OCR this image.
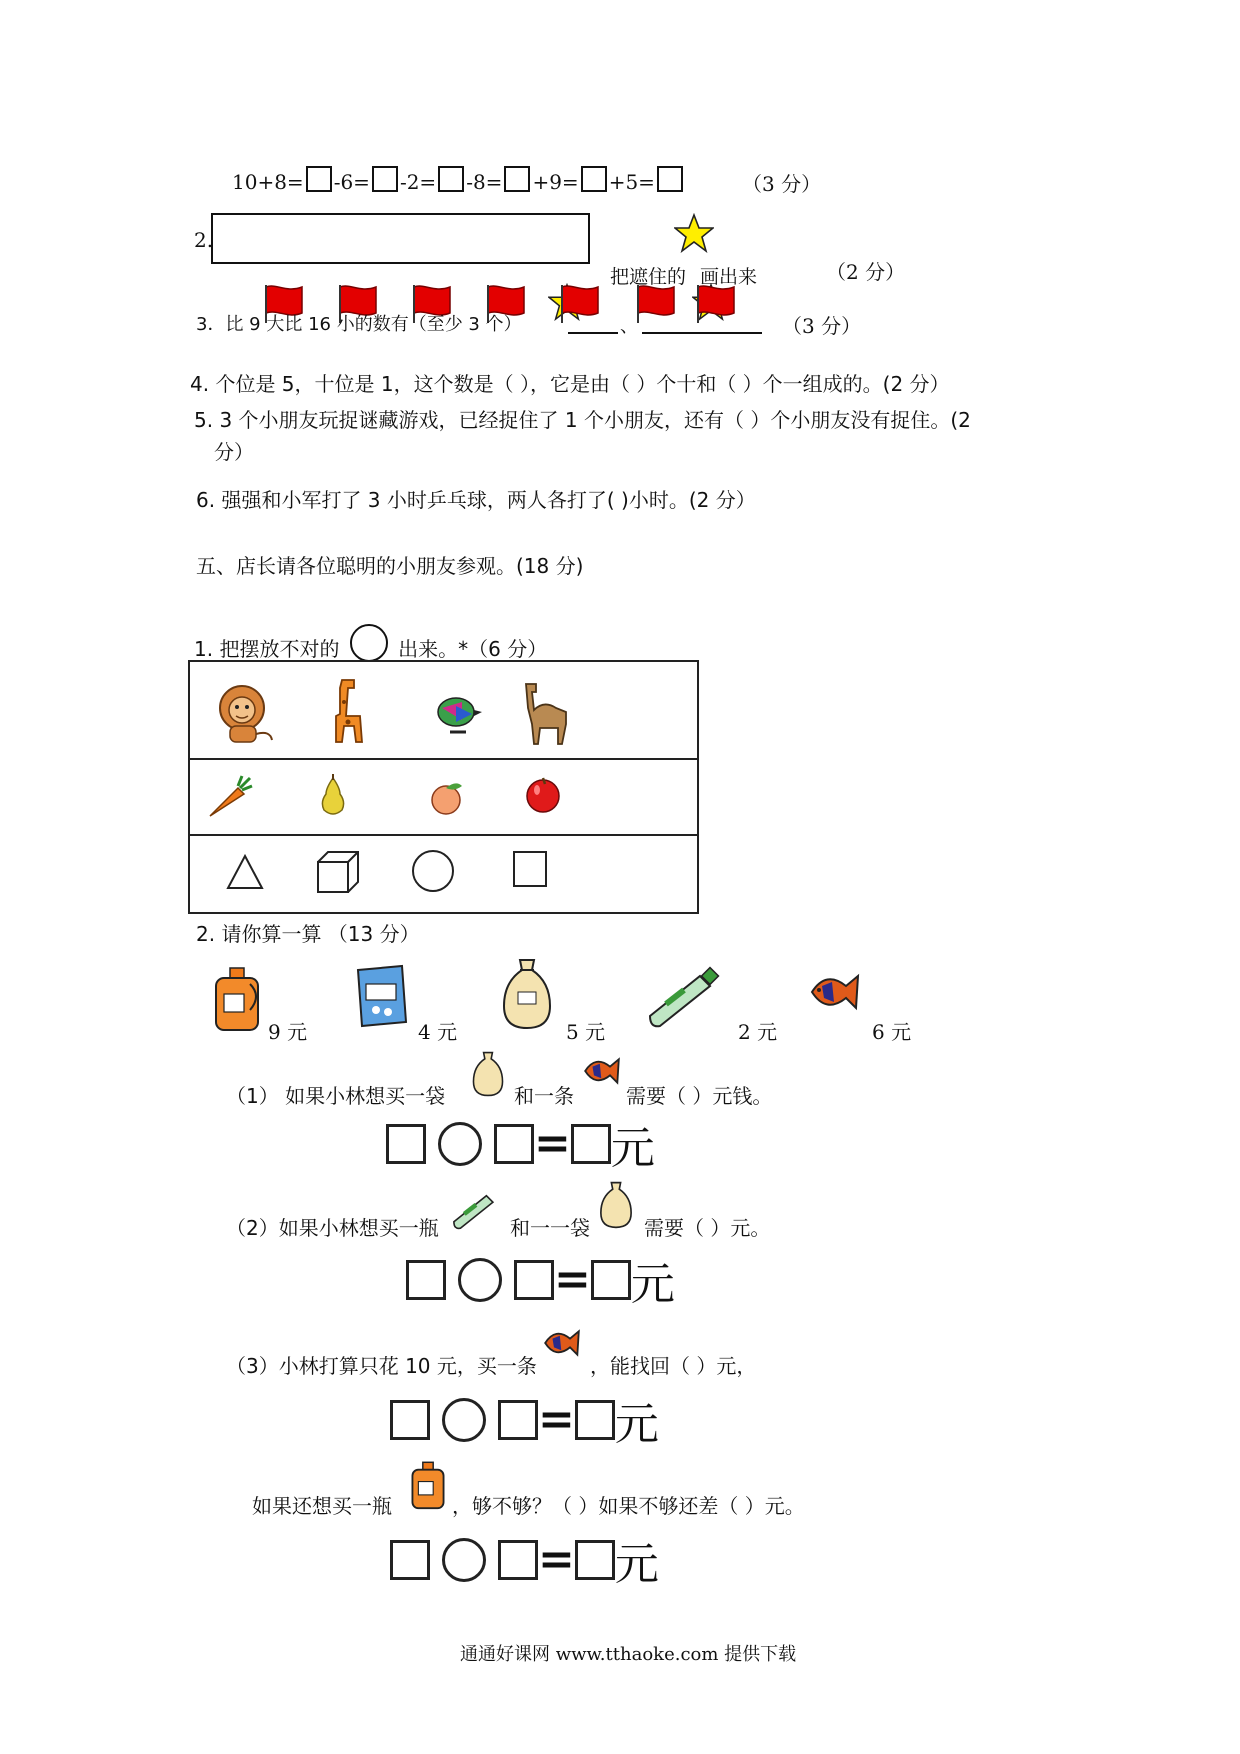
10+8= -6= -2= -8= +9= +5=	（3 分）
2.
把遮住的 画出来	（2 分）
3．比 9 大比 16 小的数有（至少 3 个）	、	（3 分）
4. 个位是 5，十位是 1，这个数是（ ），它是由（ ）个十和（ ）个一组成的。(2 分）
5. 3 个小朋友玩捉谜藏游戏，已经捉住了 1 个小朋友，还有（ ）个小朋友没有捉住。(2
分）
6. 强强和小军打了 3 小时乒乓球，两人各打了( )小时。(2 分）
五、店长请各位聪明的小朋友参观。(18 分)
1. 把摆放不对的 ○ 出来。*（6 分）
2. 请你算一算 （13 分）
9 元	4 元	5 元	2 元	6 元
（1） 如果小林想买一袋	和一条	需要（ ）元钱。
= 元
（2）如果小林想买一瓶	和一一袋	需要（ ）元。
= 元
（3）小林打算只花 10 元，买一条	，能找回（ ）元，
= 元
如果还想买一瓶	，够不够？（ ）如果不够还差（ ）元。
= 元
通通好课网 www.tthaoke.com 提供下载
